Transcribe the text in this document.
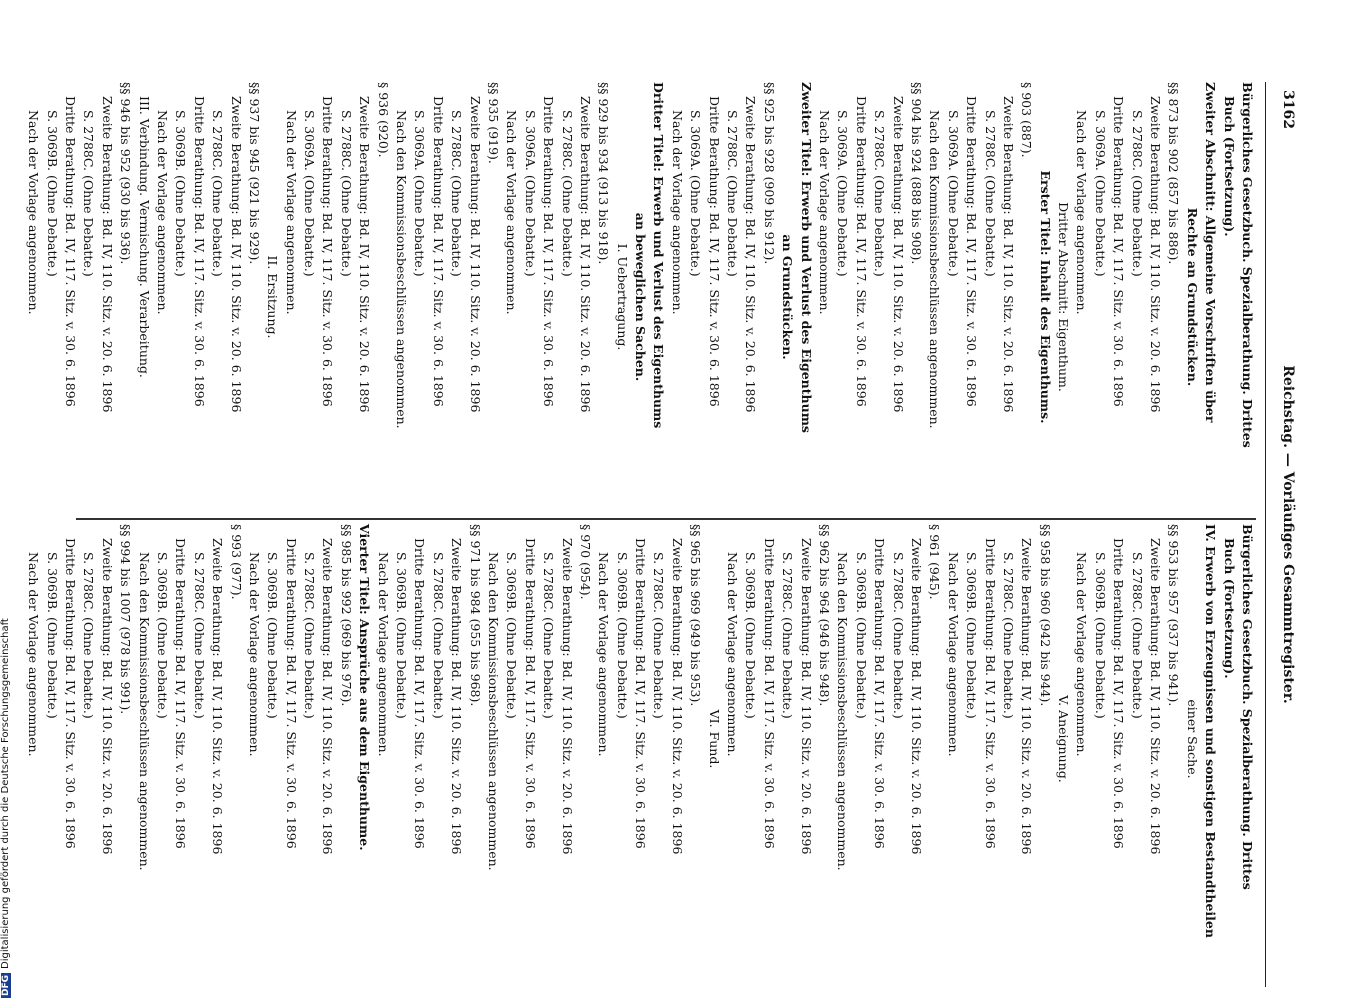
3162
Reichstag. — Vorläufiges Gesammtregister.
Bürgerliches Gesetzbuch. Spezialberathung. Drittes
Buch (Fortsetzung).
Zweiter Abschnitt: Allgemeine Vorschriften über
Rechte an Grundstücken.
§§ 873 bis 902 (857 bis 886).
Zweite Berathung: Bd. IV, 110. Sitz. v. 20. 6. 1896
S. 2788C. (Ohne Debatte.)
Dritte Berathung: Bd. IV, 117. Sitz. v. 30. 6. 1896
S. 3069A. (Ohne Debatte.)
Nach der Vorlage angenommen.
Dritter Abschnitt: Eigenthum.
Erster Titel: Inhalt des Eigenthums.
§ 903 (887).
Zweite Berathung: Bd. IV, 110. Sitz. v. 20. 6. 1896
S. 2788C. (Ohne Debatte.)
Dritte Berathung: Bd. IV, 117. Sitz. v. 30. 6. 1896
S. 3069A. (Ohne Debatte.)
Nach den Kommissionsbeschlüssen angenommen.
§§ 904 bis 924 (888 bis 908).
Zweite Berathung: Bd. IV, 110. Sitz. v. 20. 6. 1896
S. 2788C. (Ohne Debatte.)
Dritte Berathung: Bd. IV, 117. Sitz. v. 30. 6. 1896
S. 3069A. (Ohne Debatte.)
Nach der Vorlage angenommen.
Zweiter Titel: Erwerb und Verlust des Eigenthums
an Grundstücken.
§§ 925 bis 928 (909 bis 912).
Zweite Berathung: Bd. IV, 110. Sitz. v. 20. 6. 1896
S. 2788C. (Ohne Debatte.)
Dritte Berathung: Bd. IV, 117. Sitz. v. 30. 6. 1896
S. 3069A. (Ohne Debatte.)
Nach der Vorlage angenommen.
Dritter Titel: Erwerb und Verlust des Eigenthums
an beweglichen Sachen.
I. Uebertragung.
§§ 929 bis 934 (913 bis 918).
Zweite Berathung: Bd. IV, 110. Sitz. v. 20. 6. 1896
S. 2788C. (Ohne Debatte.)
Dritte Berathung: Bd. IV, 117. Sitz. v. 30. 6. 1896
S. 3096A. (Ohne Debatte.)
Nach der Vorlage angenommen.
§§ 935 (919).
Zweite Berathung: Bd. IV, 110. Sitz. v. 20. 6. 1896
S. 2788C. (Ohne Debatte.)
Dritte Berathung: Bd. IV, 117. Sitz. v. 30. 6. 1896
S. 3069A. (Ohne Debatte.)
Nach den Kommissionsbeschlüssen angenommen.
§ 936 (920).
Zweite Berathung: Bd. IV, 110. Sitz. v. 20. 6. 1896
S. 2788C. (Ohne Debatte.)
Dritte Berathung: Bd. IV, 117. Sitz. v. 30. 6. 1896
S. 3069A. (Ohne Debatte.)
Nach der Vorlage angenommen.
II. Ersitzung.
§§ 937 bis 945 (921 bis 929).
Zweite Berathung: Bd. IV, 110. Sitz. v. 20. 6. 1896
S. 2788C. (Ohne Debatte.)
Dritte Berathung: Bd. IV, 117. Sitz. v. 30. 6. 1896
S. 3069B. (Ohne Debatte.)
Nach der Vorlage angenommen.
III. Verbindung. Vermischung. Verarbeitung.
§§ 946 bis 952 (930 bis 936).
Zweite Berathung: Bd. IV, 110. Sitz. v. 20. 6. 1896
S. 2788C. (Ohne Debatte.)
Dritte Berathung: Bd. IV, 117. Sitz. v. 30. 6. 1896
S. 3069B. (Ohne Debatte.)
Nach der Vorlage angenommen.
Bürgerliches Gesetzbuch. Spezialberathung. Drittes
Buch (Fortsetzung).
IV. Erwerb von Erzeugnissen und sonstigen Bestandtheilen
einer Sache.
§§ 953 bis 957 (937 bis 941).
Zweite Berathung: Bd. IV, 110. Sitz. v. 20. 6. 1896
S. 2788C. (Ohne Debatte.)
Dritte Berathung: Bd. IV, 117. Sitz. v. 30. 6. 1896
S. 3069B. (Ohne Debatte.)
Nach der Vorlage angenommen.
V. Aneignung.
§§ 958 bis 960 (942 bis 944).
Zweite Berathung: Bd. IV, 110. Sitz. v. 20. 6. 1896
S. 2788C. (Ohne Debatte.)
Dritte Berathung: Bd. IV, 117. Sitz. v. 30. 6. 1896
S. 3069B. (Ohne Debatte.)
Nach der Vorlage angenommen.
§ 961 (945).
Zweite Berathung: Bd. IV, 110. Sitz. v. 20. 6. 1896
S. 2788C. (Ohne Debatte.)
Dritte Berathung: Bd. IV, 117. Sitz. v. 30. 6. 1896
S. 3069B. (Ohne Debatte.)
Nach den Kommissionsbeschlüssen angenommen.
§§ 962 bis 964 (946 bis 948).
Zweite Berathung: Bd. IV, 110. Sitz. v. 20. 6. 1896
S. 2788C. (Ohne Debatte.)
Dritte Berathung: Bd. IV, 117. Sitz. v. 30. 6. 1896
S. 3069B. (Ohne Debatte.)
Nach der Vorlage angenommen.
VI. Fund.
§§ 965 bis 969 (949 bis 953).
Zweite Berathung: Bd. IV, 110. Sitz. v. 20. 6. 1896
S. 2788C. (Ohne Debatte.)
Dritte Berathung: Bd. IV, 117. Sitz. v. 30. 6. 1896
S. 3069B. (Ohne Debatte.)
Nach der Vorlage angenommen.
§ 970 (954).
Zweite Berathung: Bd. IV, 110. Sitz. v. 20. 6. 1896
S. 2788C. (Ohne Debatte.)
Dritte Berathung: Bd. IV, 117. Sitz. v. 30. 6. 1896
S. 3069B. (Ohne Debatte.)
Nach den Kommissionsbeschlüssen angenommen.
§§ 971 bis 984 (955 bis 968).
Zweite Berathung: Bd. IV, 110. Sitz. v. 20. 6. 1896
S. 2788C. (Ohne Debatte.)
Dritte Berathung: Bd. IV, 117. Sitz. v. 30. 6. 1896
S. 3069B. (Ohne Debatte.)
Nach der Vorlage angenommen.
Vierter Titel: Ansprüche aus dem Eigenthume.
§§ 985 bis 992 (969 bis 976).
Zweite Berathung: Bd. IV, 110. Sitz. v. 20. 6. 1896
S. 2788C. (Ohne Debatte.)
Dritte Berathung: Bd. IV, 117. Sitz. v. 30. 6. 1896
S. 3069B. (Ohne Debatte.)
Nach der Vorlage angenommen.
§ 993 (977).
Zweite Berathung: Bd. IV, 110. Sitz. v. 20. 6. 1896
S. 2788C. (Ohne Debatte.)
Dritte Berathung: Bd. IV, 117. Sitz. v. 30. 6. 1896
S. 3069B. (Ohne Debatte.)
Nach den Kommissionsbeschlüssen angenommen.
§§ 994 bis 1007 (978 bis 991).
Zweite Berathung: Bd. IV, 110. Sitz. v. 20. 6. 1896
S. 2788C. (Ohne Debatte.)
Dritte Berathung: Bd. IV, 117. Sitz. v. 30. 6. 1896
S. 3069B. (Ohne Debatte.)
Nach der Vorlage angenommen.
DFGDigitalisierung gefördert durch die Deutsche Forschungsgemeinschaft
